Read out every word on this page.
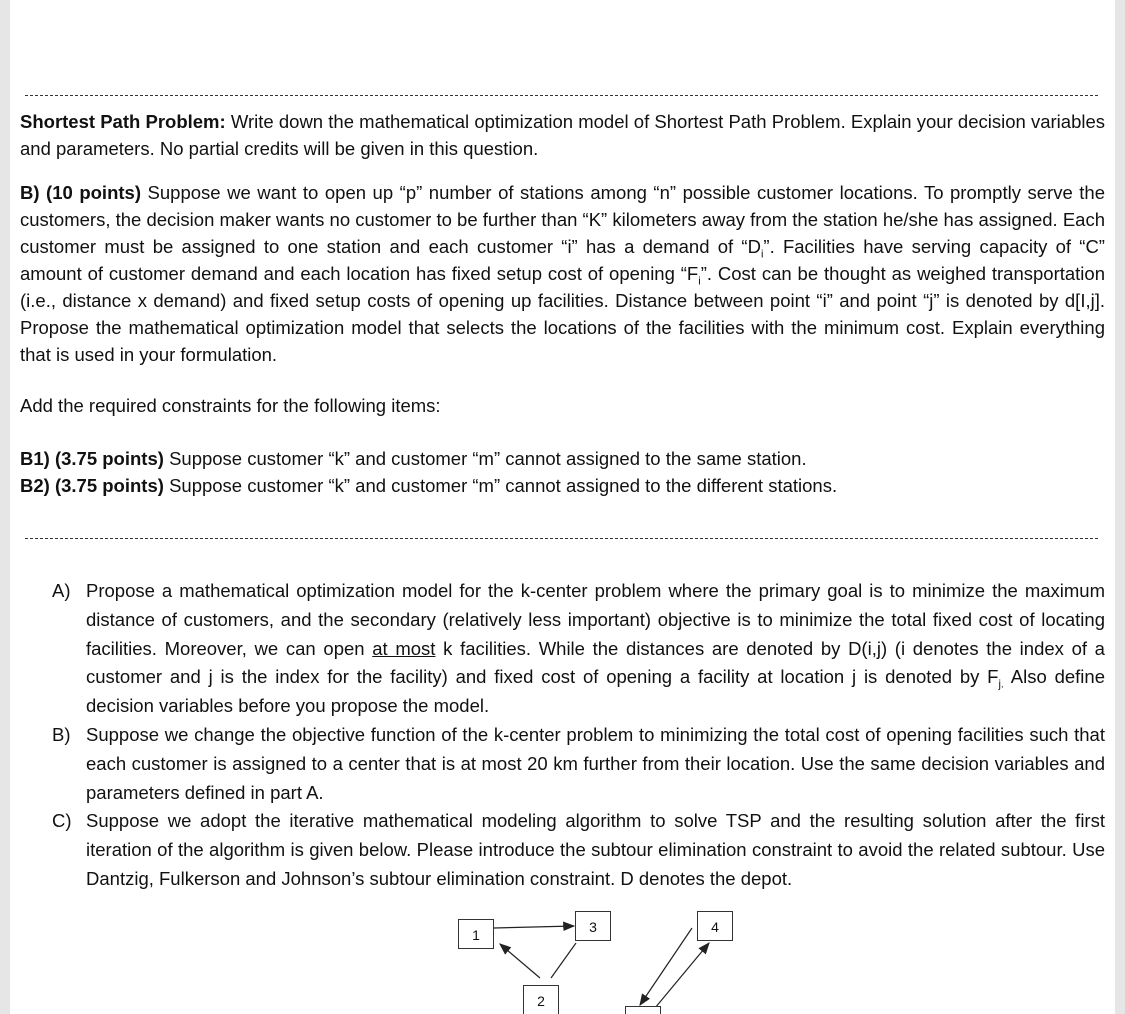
Shortest Path Problem: Write down the mathematical optimization model of Shortest Path Problem. Explain your decision variables and parameters. No partial credits will be given in this question.

B) (10 points) Suppose we want to open up “p” number of stations among “n” possible customer locations. To promptly serve the customers, the decision maker wants no customer to be further than “K” kilometers away from the station he/she has assigned. Each customer must be assigned to one station and each customer “i” has a demand of “$D_i$”. Facilities have serving capacity of “C” amount of customer demand and each location has fixed setup cost of opening “$F_i$”. Cost can be thought as weighed transportation (i.e., distance x demand) and fixed setup costs of opening up facilities. Distance between point “i” and point “j” is denoted by d[I,j]. Propose the mathematical optimization model that selects the locations of the facilities with the minimum cost. Explain everything that is used in your formulation.

Add the required constraints for the following items:

B1) (3.75 points) Suppose customer “k” and customer “m” cannot assigned to the same station.

B2) (3.75 points) Suppose customer “k” and customer “m” cannot assigned to the different stations.

A) Propose a mathematical optimization model for the k-center problem where the primary goal is to minimize the maximum distance of customers, and the secondary (relatively less important) objective is to minimize the total fixed cost of locating facilities. Moreover, we can open at most k facilities. While the distances are denoted by D(i,j) (i denotes the index of a customer and j is the index for the facility) and fixed cost of opening a facility at location j is denoted by $F_{j.}$ Also define decision variables before you propose the model.
B) Suppose we change the objective function of the k-center problem to minimizing the total cost of opening facilities such that each customer is assigned to a center that is at most 20 km further from their location. Use the same decision variables and parameters defined in part A.
C) Suppose we adopt the iterative mathematical modeling algorithm to solve TSP and the resulting solution after the first iteration of the algorithm is given below. Please introduce the subtour elimination constraint to avoid the related subtour. Use Dantzig, Fulkerson and Johnson’s subtour elimination constraint. D denotes the depot.
1	3	4
2
